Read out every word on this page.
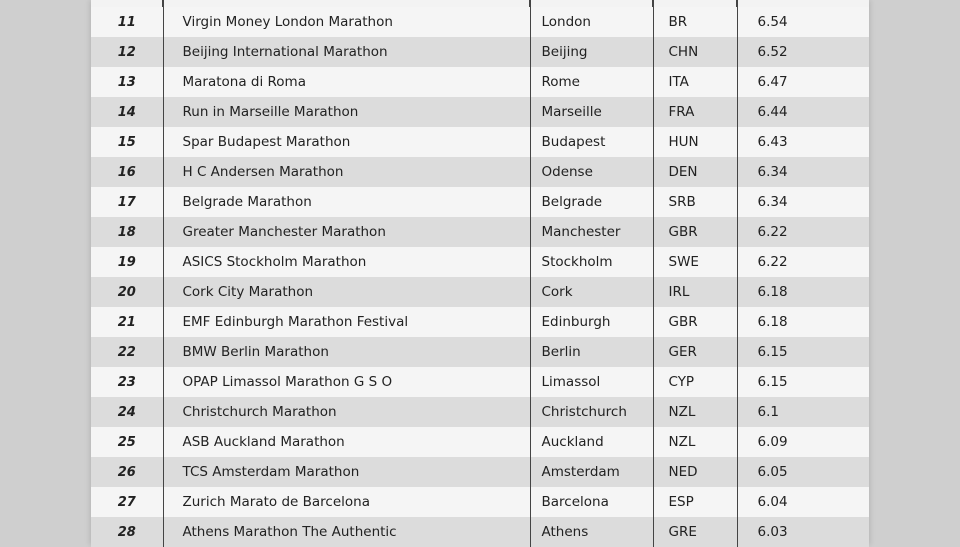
11	Virgin Money London Marathon	London	BR	6.54
12	Beijing International Marathon	Beijing	CHN	6.52
13	Maratona di Roma	Rome	ITA	6.47
14	Run in Marseille Marathon	Marseille	FRA	6.44
15	Spar Budapest Marathon	Budapest	HUN	6.43
16	H C Andersen Marathon	Odense	DEN	6.34
17	Belgrade Marathon	Belgrade	SRB	6.34
18	Greater Manchester Marathon	Manchester	GBR	6.22
19	ASICS Stockholm Marathon	Stockholm	SWE	6.22
20	Cork City Marathon	Cork	IRL	6.18
21	EMF Edinburgh Marathon Festival	Edinburgh	GBR	6.18
22	BMW Berlin Marathon	Berlin	GER	6.15
23	OPAP Limassol Marathon G S O	Limassol	CYP	6.15
24	Christchurch Marathon	Christchurch	NZL	6.1
25	ASB Auckland Marathon	Auckland	NZL	6.09
26	TCS Amsterdam Marathon	Amsterdam	NED	6.05
27	Zurich Marato de Barcelona	Barcelona	ESP	6.04
28	Athens Marathon The Authentic	Athens	GRE	6.03
